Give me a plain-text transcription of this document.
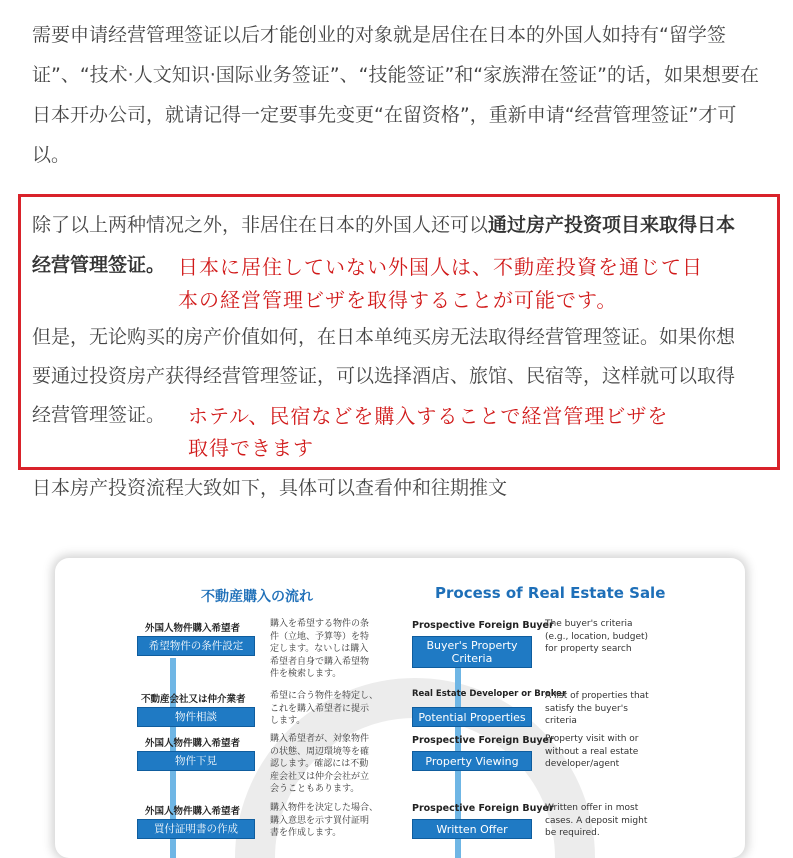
需要申请经营管理签证以后才能创业的对象就是居住在日本的外国人如持有“留学签
证”、“技术·人文知识·国际业务签证”、“技能签证”和“家族滞在签证”的话，如果想要在
日本开办公司，就请记得一定要事先变更“在留资格”，重新申请“经营管理签证”才可
以。
除了以上两种情况之外，非居住在日本的外国人还可以通过房产投资项目来取得日本
经营管理签证。 日本に居住していない外国人は、不動産投資を通じて日
本の経営管理ビザを取得することが可能です。
但是，无论购买的房产价值如何，在日本单纯买房无法取得经营管理签证。如果你想
要通过投资房产获得经营管理签证，可以选择酒店、旅馆、民宿等，这样就可以取得
经营管理签证。 ホテル、民宿などを購入することで経営管理ビザを
取得できます
日本房产投资流程大致如下，具体可以查看仲和往期推文
不動産購入の流れ	Process of Real Estate Sale
外国人物件購入希望者
希望物件の条件設定
購入を希望する物件の条
件（立地、予算等）を特
定します。ないしは購入
希望者自身で購入希望物
件を検索します。
不動産会社又は仲介業者
物件相談
希望に合う物件を特定し、
これを購入希望者に提示
します。
外国人物件購入希望者
物件下見
購入希望者が、対象物件
の状態、周辺環境等を確
認します。確認には不動
産会社又は仲介会社が立
会うこともあります。
外国人物件購入希望者
買付証明書の作成
購入物件を決定した場合、
購入意思を示す買付証明
書を作成します。
Prospective Foreign Buyer
Buyer's Property Criteria
The buyer's criteria
(e.g., location, budget)
for property search
Real Estate Developer or Broker
Potential Properties
A list of properties that
satisfy the buyer's
criteria
Prospective Foreign Buyer
Property Viewing
Property visit with or
without a real estate
developer/agent
Prospective Foreign Buyer
Written Offer
Written offer in most
cases. A deposit might
be required.
